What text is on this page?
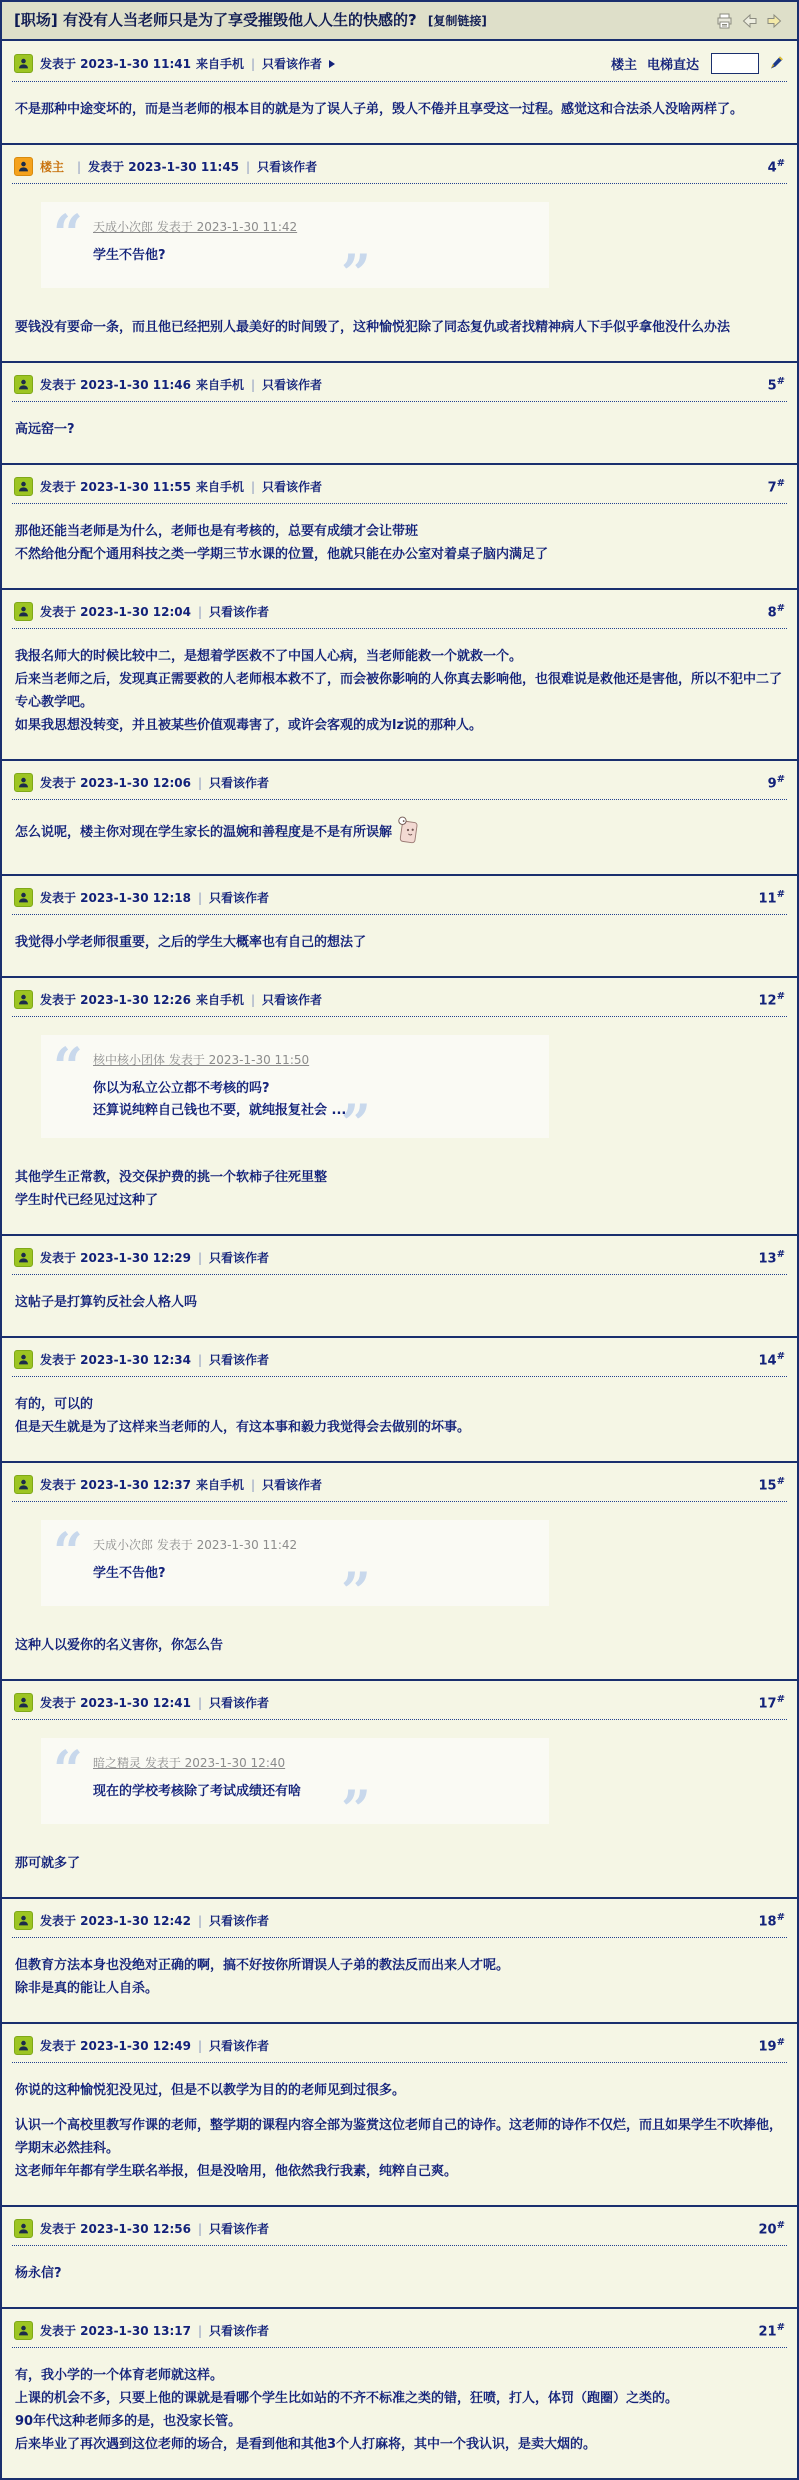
[职场] 有没有人当老师只是为了享受摧毁他人人生的快感的? [复制链接]
发表于 2023-1-30 11:41 来自手机 | 只看该作者	楼主 电梯直达
不是那种中途变坏的，而是当老师的根本目的就是为了误人子弟，毁人不倦并且享受这一过程。感觉这和合法杀人没啥两样了。
楼主 | 发表于 2023-1-30 11:45 | 只看该作者	4#
“ 天成小次郎 发表于 2023-1-30 11:42
学生不告他?	”
要钱没有要命一条，而且他已经把别人最美好的时间毁了，这种愉悦犯除了同态复仇或者找精神病人下手似乎拿他没什么办法
发表于 2023-1-30 11:46 来自手机 | 只看该作者	5#
高远窑一?
发表于 2023-1-30 11:55 来自手机 | 只看该作者	7#
那他还能当老师是为什么，老师也是有考核的，总要有成绩才会让带班
不然给他分配个通用科技之类一学期三节水课的位置，他就只能在办公室对着桌子脑内满足了
发表于 2023-1-30 12:04 | 只看该作者	8#
我报名师大的时候比较中二，是想着学医救不了中国人心病，当老师能救一个就救一个。
后来当老师之后，发现真正需要救的人老师根本救不了，而会被你影响的人你真去影响他，也很难说是救他还是害他，所以不犯中二了专心教学吧。
如果我思想没转变，并且被某些价值观毒害了，或许会客观的成为lz说的那种人。
发表于 2023-1-30 12:06 | 只看该作者	9#
怎么说呢，楼主你对现在学生家长的温婉和善程度是不是有所误解
发表于 2023-1-30 12:18 | 只看该作者	11#
我觉得小学老师很重要，之后的学生大概率也有自己的想法了
发表于 2023-1-30 12:26 来自手机 | 只看该作者	12#
“ 核中核小团体 发表于 2023-1-30 11:50
你以为私立公立都不考核的吗?
还算说纯粹自己钱也不要，就纯报复社会 ...
”
其他学生正常教，没交保护费的挑一个软柿子往死里整
学生时代已经见过这种了
发表于 2023-1-30 12:29 | 只看该作者	13#
这帖子是打算钓反社会人格人吗
发表于 2023-1-30 12:34 | 只看该作者	14#
有的，可以的
但是天生就是为了这样来当老师的人，有这本事和毅力我觉得会去做别的坏事。
发表于 2023-1-30 12:37 来自手机 | 只看该作者	15#
“ 天成小次郎 发表于 2023-1-30 11:42
学生不告他?	”
这种人以爱你的名义害你，你怎么告
发表于 2023-1-30 12:41 | 只看该作者	17#
“ 暗之精灵 发表于 2023-1-30 12:40
现在的学校考核除了考试成绩还有啥 ”
那可就多了
发表于 2023-1-30 12:42 | 只看该作者	18#
但教育方法本身也没绝对正确的啊，搞不好按你所谓误人子弟的教法反而出来人才呢。
除非是真的能让人自杀。
发表于 2023-1-30 12:49 | 只看该作者	19#
你说的这种愉悦犯没见过，但是不以教学为目的的老师见到过很多。
认识一个高校里教写作课的老师，整学期的课程内容全部为鉴赏这位老师自己的诗作。这老师的诗作不仅烂，而且如果学生不吹捧他，学期末必然挂科。
这老师年年都有学生联名举报，但是没啥用，他依然我行我素，纯粹自己爽。
发表于 2023-1-30 12:56 | 只看该作者	20#
杨永信?
发表于 2023-1-30 13:17 | 只看该作者	21#
有，我小学的一个体育老师就这样。
上课的机会不多，只要上他的课就是看哪个学生比如站的不齐不标准之类的错，狂喷，打人，体罚（跑圈）之类的。
90年代这种老师多的是，也没家长管。
后来毕业了再次遇到这位老师的场合，是看到他和其他3个人打麻将，其中一个我认识，是卖大烟的。
